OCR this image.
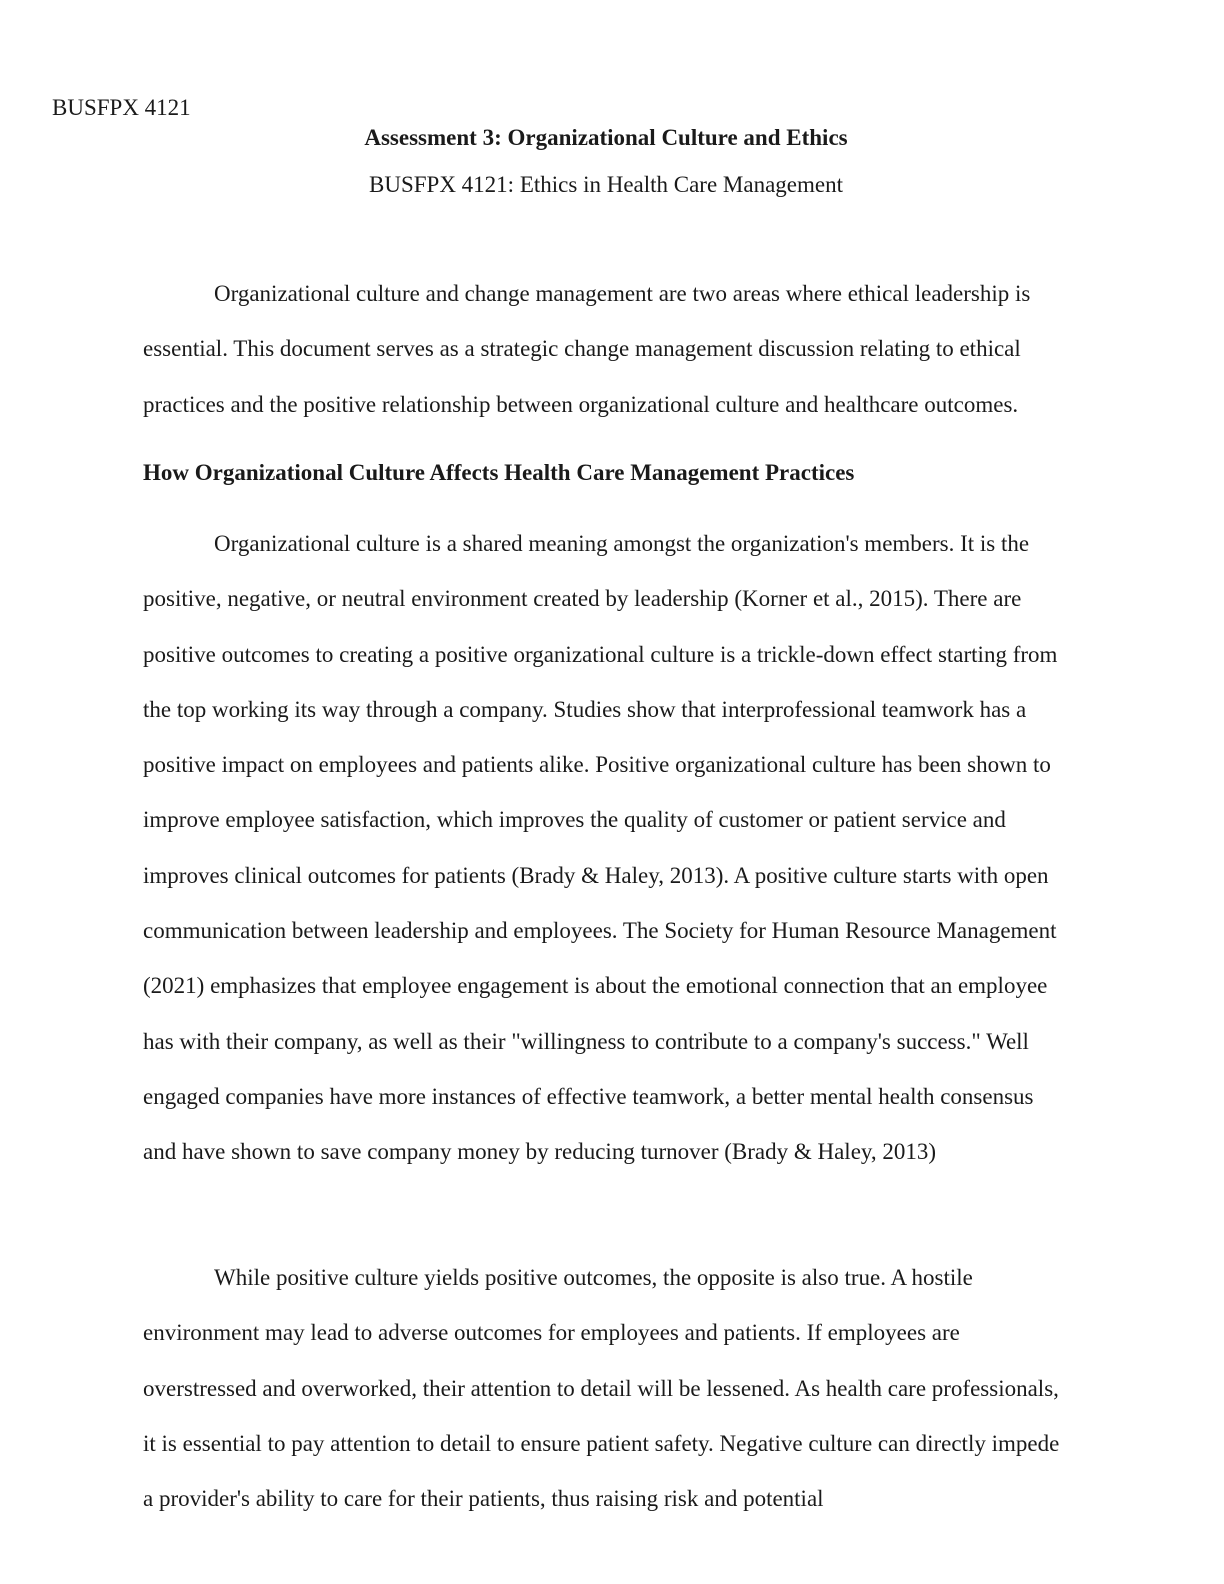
BUSFPX 4121
Assessment 3: Organizational Culture and Ethics
BUSFPX 4121: Ethics in Health Care Management

Organizational culture and change management are two areas where ethical leadership is essential. This document serves as a strategic change management discussion relating to ethical practices and the positive relationship between organizational culture and healthcare outcomes.

How Organizational Culture Affects Health Care Management Practices

Organizational culture is a shared meaning amongst the organization's members. It is the positive, negative, or neutral environment created by leadership (Korner et al., 2015). There are positive outcomes to creating a positive organizational culture is a trickle-down effect starting from the top working its way through a company. Studies show that interprofessional teamwork has a positive impact on employees and patients alike. Positive organizational culture has been shown to improve employee satisfaction, which improves the quality of customer or patient service and improves clinical outcomes for patients (Brady & Haley, 2013). A positive culture starts with open communication between leadership and employees. The Society for Human Resource Management (2021) emphasizes that employee engagement is about the emotional connection that an employee has with their company, as well as their "willingness to contribute to a company's success." Well engaged companies have more instances of effective teamwork, a better mental health consensus and have shown to save company money by reducing turnover (Brady & Haley, 2013)

While positive culture yields positive outcomes, the opposite is also true. A hostile environment may lead to adverse outcomes for employees and patients. If employees are overstressed and overworked, their attention to detail will be lessened. As health care professionals, it is essential to pay attention to detail to ensure patient safety. Negative culture can directly impede a provider's ability to care for their patients, thus raising risk and potential
